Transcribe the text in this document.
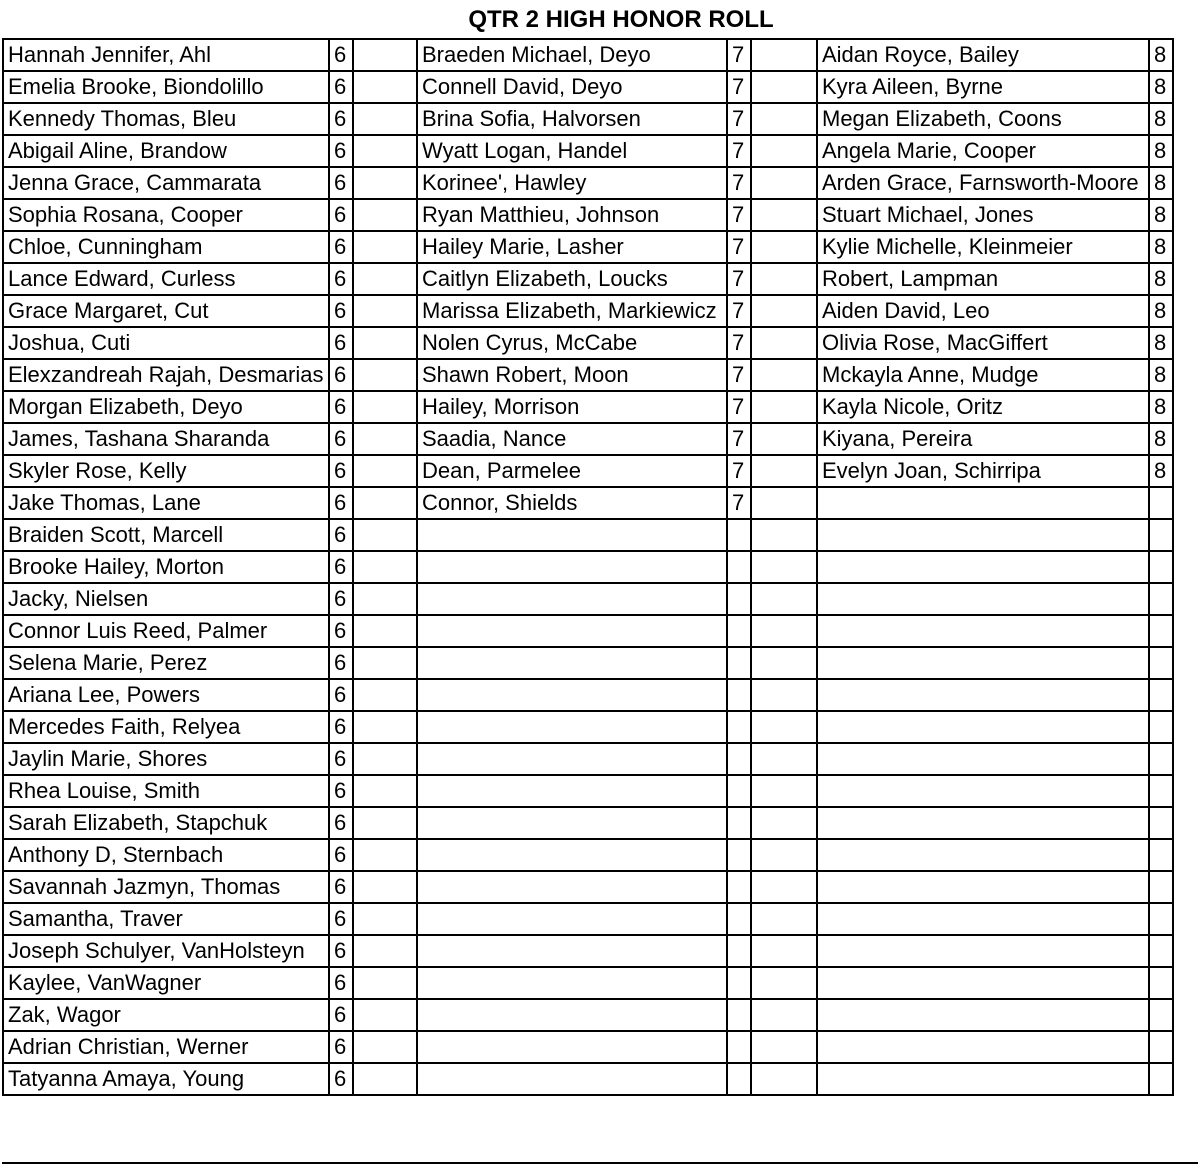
QTR 2 HIGH HONOR ROLL
Hannah Jennifer, Ahl	6		Braeden Michael, Deyo	7		Aidan Royce, Bailey	8
Emelia Brooke, Biondolillo	6		Connell David, Deyo	7		Kyra Aileen, Byrne	8
Kennedy Thomas, Bleu	6		Brina Sofia, Halvorsen	7		Megan Elizabeth, Coons	8
Abigail Aline, Brandow	6		Wyatt Logan, Handel	7		Angela Marie, Cooper	8
Jenna Grace, Cammarata	6		Korinee', Hawley	7		Arden Grace, Farnsworth-Moore	8
Sophia Rosana, Cooper	6		Ryan Matthieu, Johnson	7		Stuart Michael, Jones	8
Chloe, Cunningham	6		Hailey Marie, Lasher	7		Kylie Michelle, Kleinmeier	8
Lance Edward, Curless	6		Caitlyn Elizabeth, Loucks	7		Robert, Lampman	8
Grace Margaret, Cut	6		Marissa Elizabeth, Markiewicz	7		Aiden David, Leo	8
Joshua, Cuti	6		Nolen Cyrus, McCabe	7		Olivia Rose, MacGiffert	8
Elexzandreah Rajah, Desmarias	6		Shawn Robert, Moon	7		Mckayla Anne, Mudge	8
Morgan Elizabeth, Deyo	6		Hailey, Morrison	7		Kayla Nicole, Oritz	8
James, Tashana Sharanda	6		Saadia, Nance	7		Kiyana, Pereira	8
Skyler Rose, Kelly	6		Dean, Parmelee	7		Evelyn Joan, Schirripa	8
Jake Thomas, Lane	6		Connor, Shields	7			
Braiden Scott, Marcell	6						
Brooke Hailey, Morton	6						
Jacky, Nielsen	6						
Connor Luis Reed, Palmer	6						
Selena Marie, Perez	6						
Ariana Lee, Powers	6						
Mercedes Faith, Relyea	6						
Jaylin Marie, Shores	6						
Rhea Louise, Smith	6						
Sarah Elizabeth, Stapchuk	6						
Anthony D, Sternbach	6						
Savannah Jazmyn, Thomas	6						
Samantha, Traver	6						
Joseph Schulyer, VanHolsteyn	6						
Kaylee, VanWagner	6						
Zak, Wagor	6						
Adrian Christian, Werner	6						
Tatyanna Amaya, Young	6						
